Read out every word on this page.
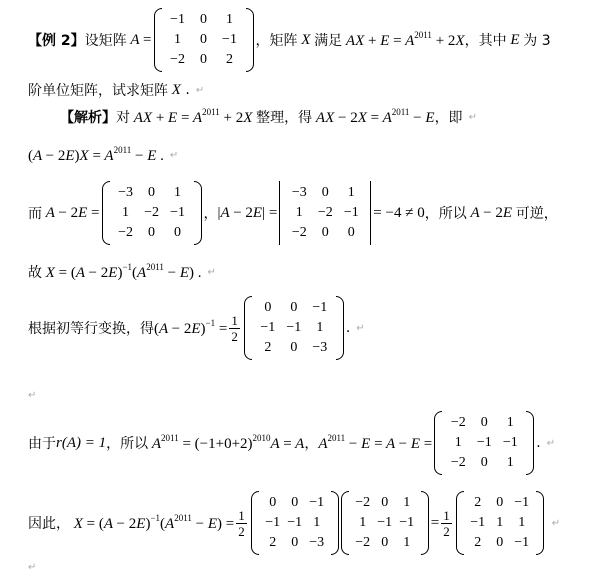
【例 2】 设矩阵 A =
−1 0 1
1 0 −1
−2 0 2
，矩阵 X 满足 AX + $E = A^{2011} + 2X$ ，其中 E 为 3
阶单位矩阵，试求矩阵 X . ↵
【解析】 对 AX + $E = A^{2011} + 2X$ 整理，得 AX − $2X = A^{2011} - E$ ，即 ↵
$(A - 2E)X = A^{2011} - E$ . ↵
而 A − 2E =
−3 0 1
1 −2 −1
−2 0 0
， |A − 2E| =
−3 0 1
1 −2 −1
−2 0 0
= −4 ≠ 0 ，所以 A − 2E 可逆，
故 $X = (A - 2E)^{-1}(A^{2011} - E)$ . ↵
根据初等行变换，得 $(A - 2E)^{-1} = \frac{1}{2}$
0 0 −1
−1 −1 1
2 0 −3
. ↵
↵
由于 r(A) = 1 ，所以 $A^{2011} = (-1+0+2)^{2010}A = A$ ， $A^{2011} - E = A - E$ =
−2 0 1
1 −1 −1
−2 0 1
. ↵
因此， $X = (A - 2E)^{-1}(A^{2011} - E) = \frac{1}{2}$
0 0 −1
−1 −1 1
2 0 −3
−2 0 1
1 −1 −1
−2 0 1
= $\frac{1}{2}$
2 0 −1
−1 1 1
2 0 −1
↵
↵
